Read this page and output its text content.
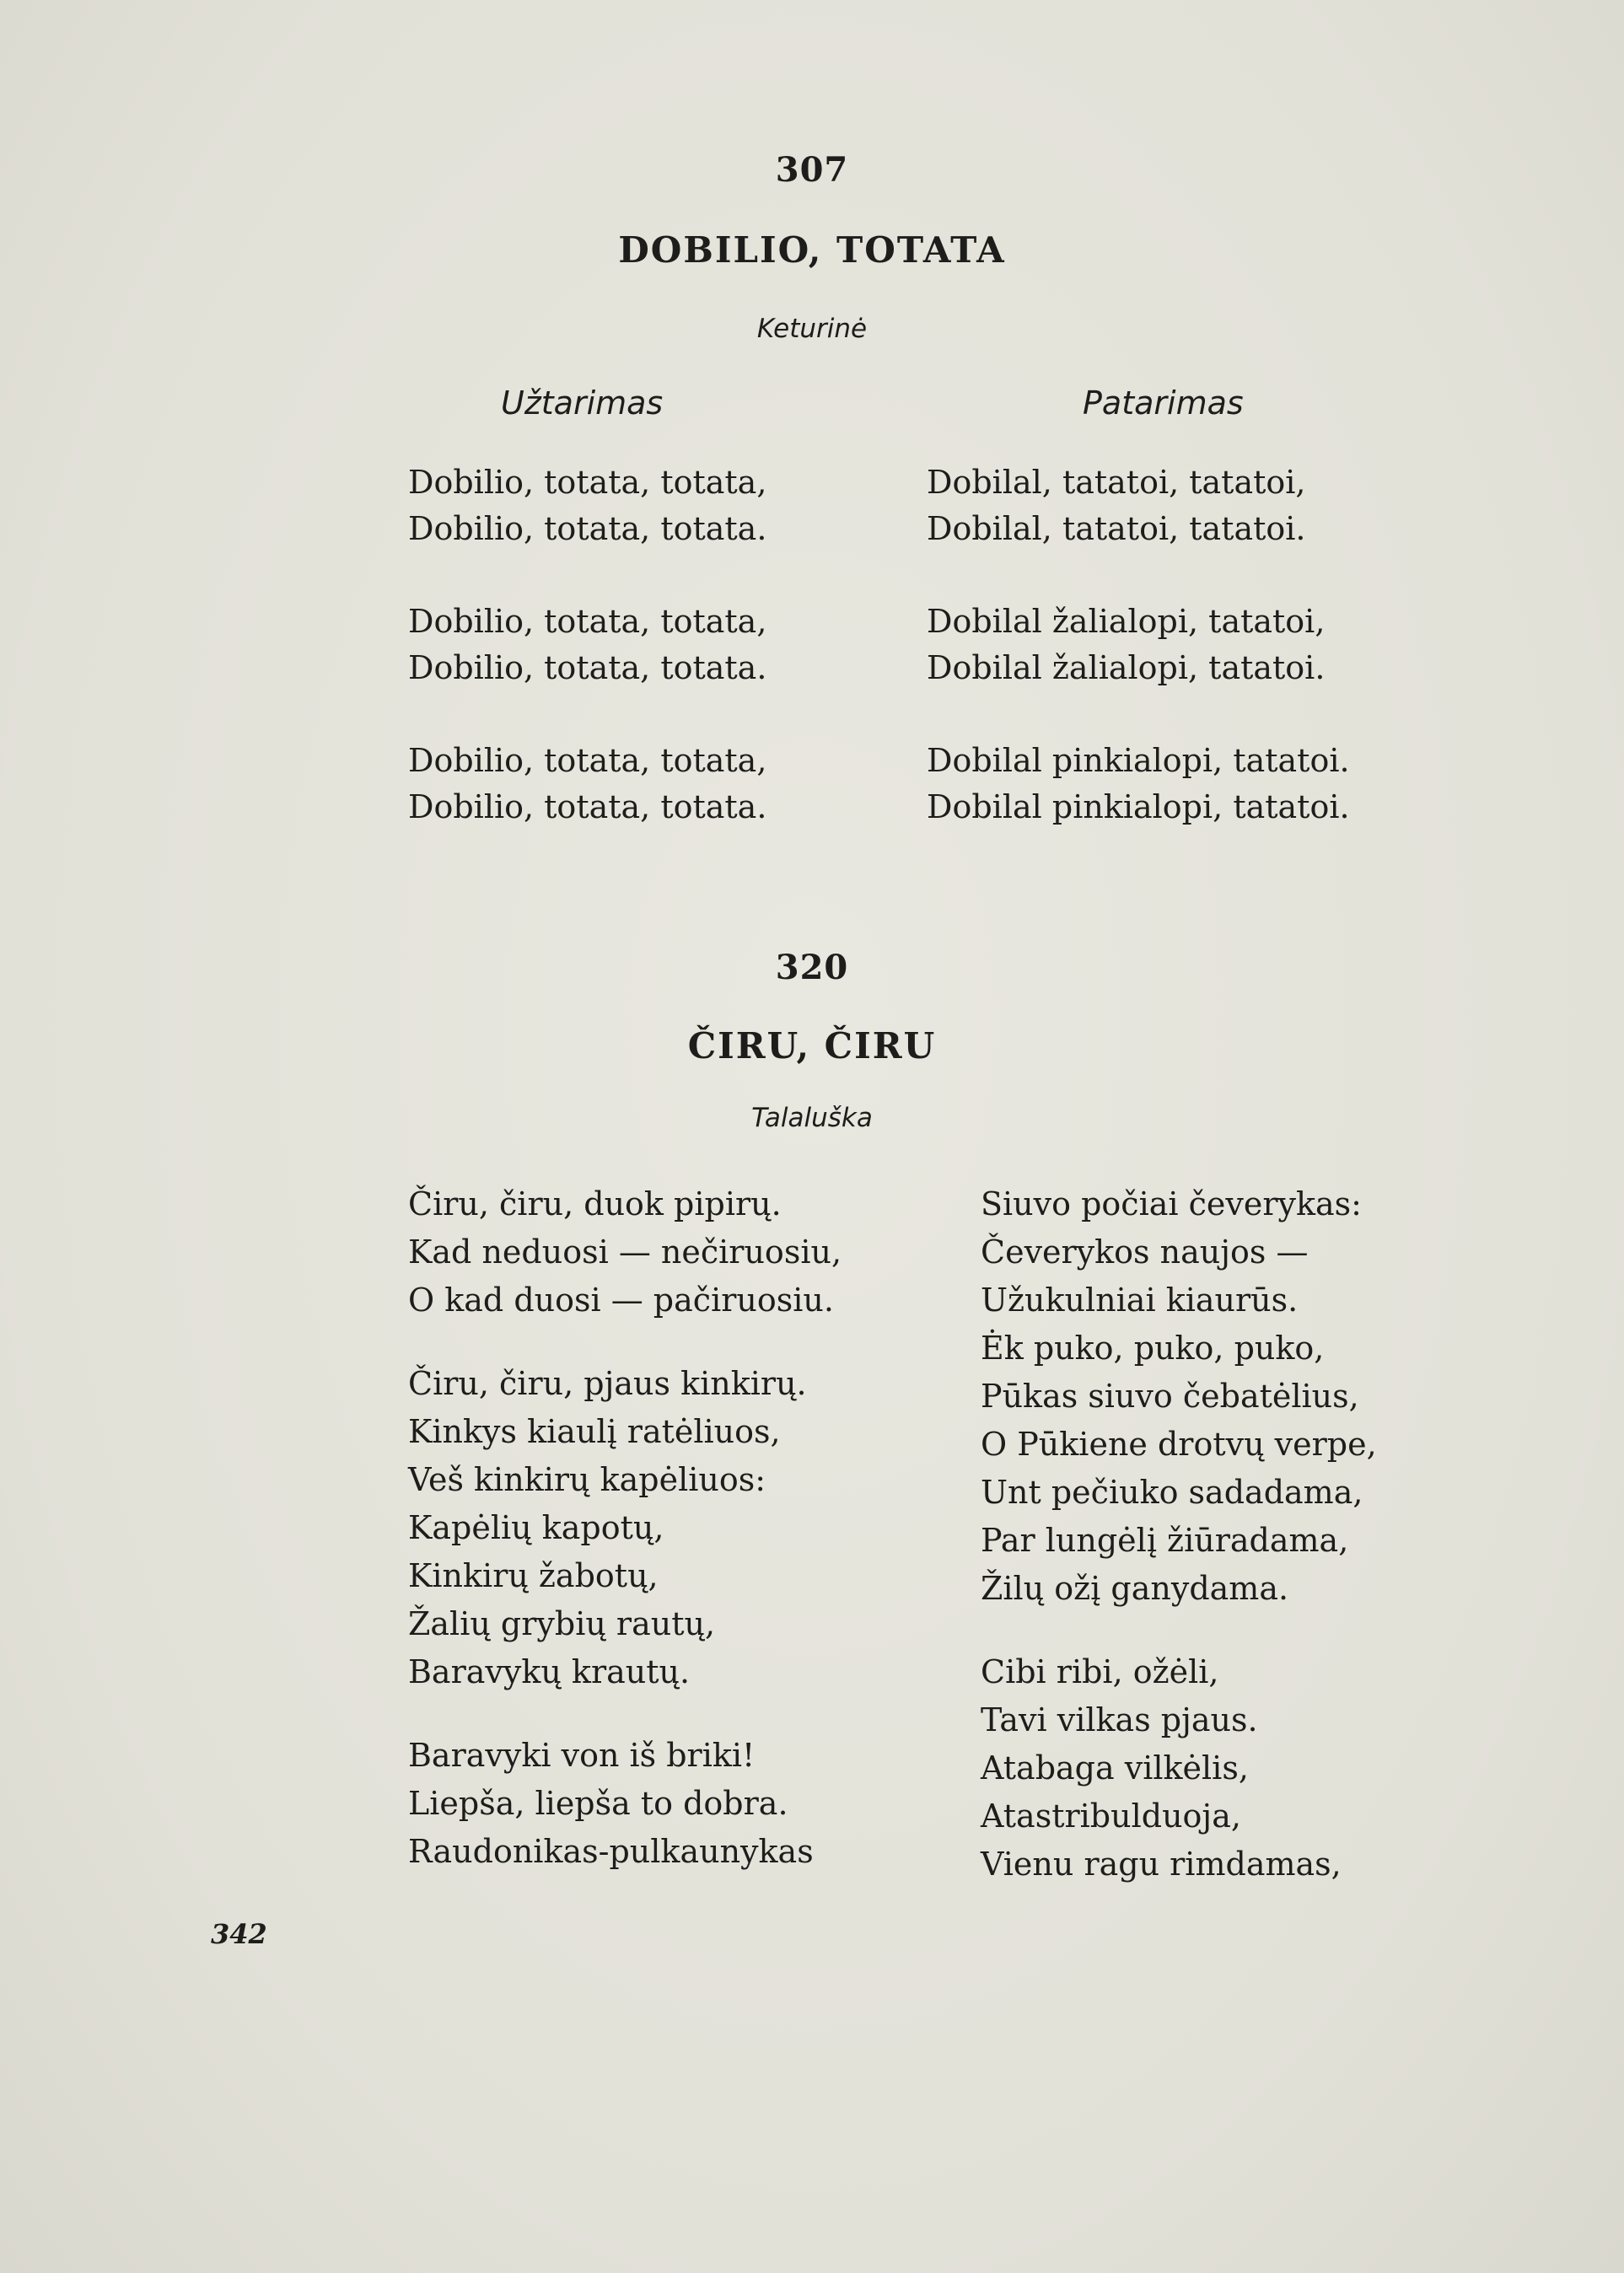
307
DOBILIO, TOTATA
Keturinė
Užtarimas	Patarimas
Dobilio, totata, totata,
Dobilio, totata, totata.
Dobilio, totata, totata,
Dobilio, totata, totata.
Dobilio, totata, totata,
Dobilio, totata, totata.
Dobilal, tatatoi, tatatoi,
Dobilal, tatatoi, tatatoi.
Dobilal žalialopi, tatatoi,
Dobilal žalialopi, tatatoi.
Dobilal pinkialopi, tatatoi.
Dobilal pinkialopi, tatatoi.
320
ČIRU, ČIRU
Talaluška
Čiru, čiru, duok pipirų.
Kad neduosi — nečiruosiu,
O kad duosi — pačiruosiu.
Čiru, čiru, pjaus kinkirų.
Kinkys kiaulį ratėliuos,
Veš kinkirų kapėliuos:
Kapėlių kapotų,
Kinkirų žabotų,
Žalių grybių rautų,
Baravykų krautų.
Baravyki von iš briki!
Liepša, liepša to dobra.
Raudonikas-pulkaunykas
Siuvo počiai čeverykas:
Čeverykos naujos —
Užukulniai kiaurūs.
Ėk puko, puko, puko,
Pūkas siuvo čebatėlius,
O Pūkiene drotvų verpe,
Unt pečiuko sadadama,
Par lungėlį žiūradama,
Žilų ožį ganydama.
Cibi ribi, ožėli,
Tavi vilkas pjaus.
Atabaga vilkėlis,
Atastribulduoja,
Vienu ragu rimdamas,
342
